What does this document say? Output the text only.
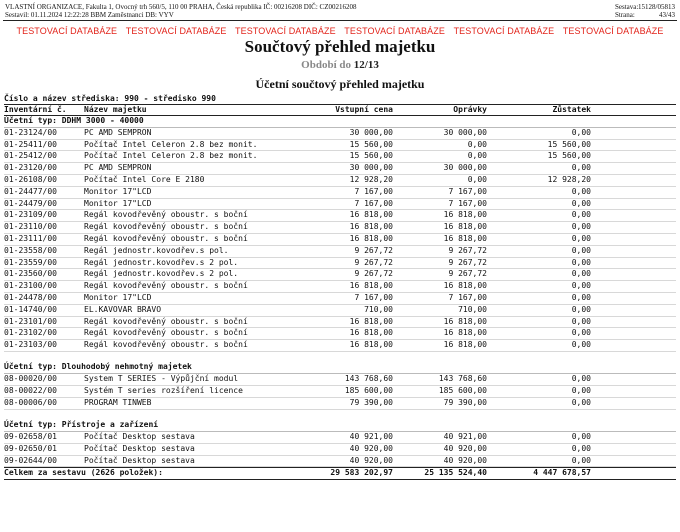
VLASTNÍ ORGANIZACE, Fakulta 1, Ovocný trh 560/5, 110 00 PRAHA, Česká republika IČ: 00216208 DIČ: CZ00216208
Sestavil: 01.11.2024 12:22:28 BBM Zaměstnanci DB: VYV
Sestava: 15128/05813
Strana:	43/43
TESTOVACÍ DATABÁZE TESTOVACÍ DATABÁZE TESTOVACÍ DATABÁZE TESTOVACÍ DATABÁZE TESTOVACÍ DATABÁZE TESTOVACÍ DATABÁZE
Součtový přehled majetku
Období do 12/13
Účetní součtový přehled majetku
Číslo a název střediska: 990 - středisko 990
Inventární č. Název majetku	Vstupní cena	Oprávky	Zůstatek
Účetní typ: DDHM 3000 - 40000
01-23124/00	PC AMD SEMPRON	30 000,00	30 000,00	0,00
01-25411/00	Počítač Intel Celeron 2.8 bez monit.	15 560,00	0,00	15 560,00
01-25412/00	Počítač Intel Celeron 2.8 bez monit.	15 560,00	0,00	15 560,00
01-23120/00	PC AMD SEMPRON	30 000,00	30 000,00	0,00
01-26108/00	Počítač Intel Core E 2180	12 928,20	0,00	12 928,20
01-24477/00	Monitor 17"LCD	7 167,00	7 167,00	0,00
01-24479/00	Monitor 17"LCD	7 167,00	7 167,00	0,00
01-23109/00	Regál kovodřevěný oboustr. s boční	16 818,00	16 818,00	0,00
01-23110/00	Regál kovodřevěný oboustr. s boční	16 818,00	16 818,00	0,00
01-23111/00	Regál kovodřevěný oboustr. s boční	16 818,00	16 818,00	0,00
01-23558/00	Regál jednostr.kovodřev.s pol.	9 267,72	9 267,72	0,00
01-23559/00	Regál jednostr.kovodřev.s 2 pol.	9 267,72	9 267,72	0,00
01-23560/00	Regál jednostr.kovodřev.s 2 pol.	9 267,72	9 267,72	0,00
01-23100/00	Regál kovodřevěný oboustr. s boční	16 818,00	16 818,00	0,00
01-24478/00	Monitor 17"LCD	7 167,00	7 167,00	0,00
01-14740/00	EL.KAVOVAR BRAVO	710,00	710,00	0,00
01-23101/00	Regál kovodřevěný oboustr. s boční	16 818,00	16 818,00	0,00
01-23102/00	Regál kovodřevěný oboustr. s boční	16 818,00	16 818,00	0,00
01-23103/00	Regál kovodřevěný oboustr. s boční	16 818,00	16 818,00	0,00
Účetní typ: Dlouhodobý nehmotný majetek
08-00020/00	System T SERIES - Výpůjční modul	143 768,60	143 768,60	0,00
08-00022/00	Systém T series rozšíření licence	185 600,00	185 600,00	0,00
08-00006/00	PROGRAM TINWEB	79 390,00	79 390,00	0,00
Účetní typ: Přístroje a zařízení
09-02658/01	Počítač Desktop sestava	40 921,00	40 921,00	0,00
09-02650/01	Počítač Desktop sestava	40 920,00	40 920,00	0,00
09-02644/00	Počítač Desktop sestava	40 920,00	40 920,00	0,00
Celkem za sestavu (2626 položek):	29 583 202,97	25 135 524,40	4 447 678,57
